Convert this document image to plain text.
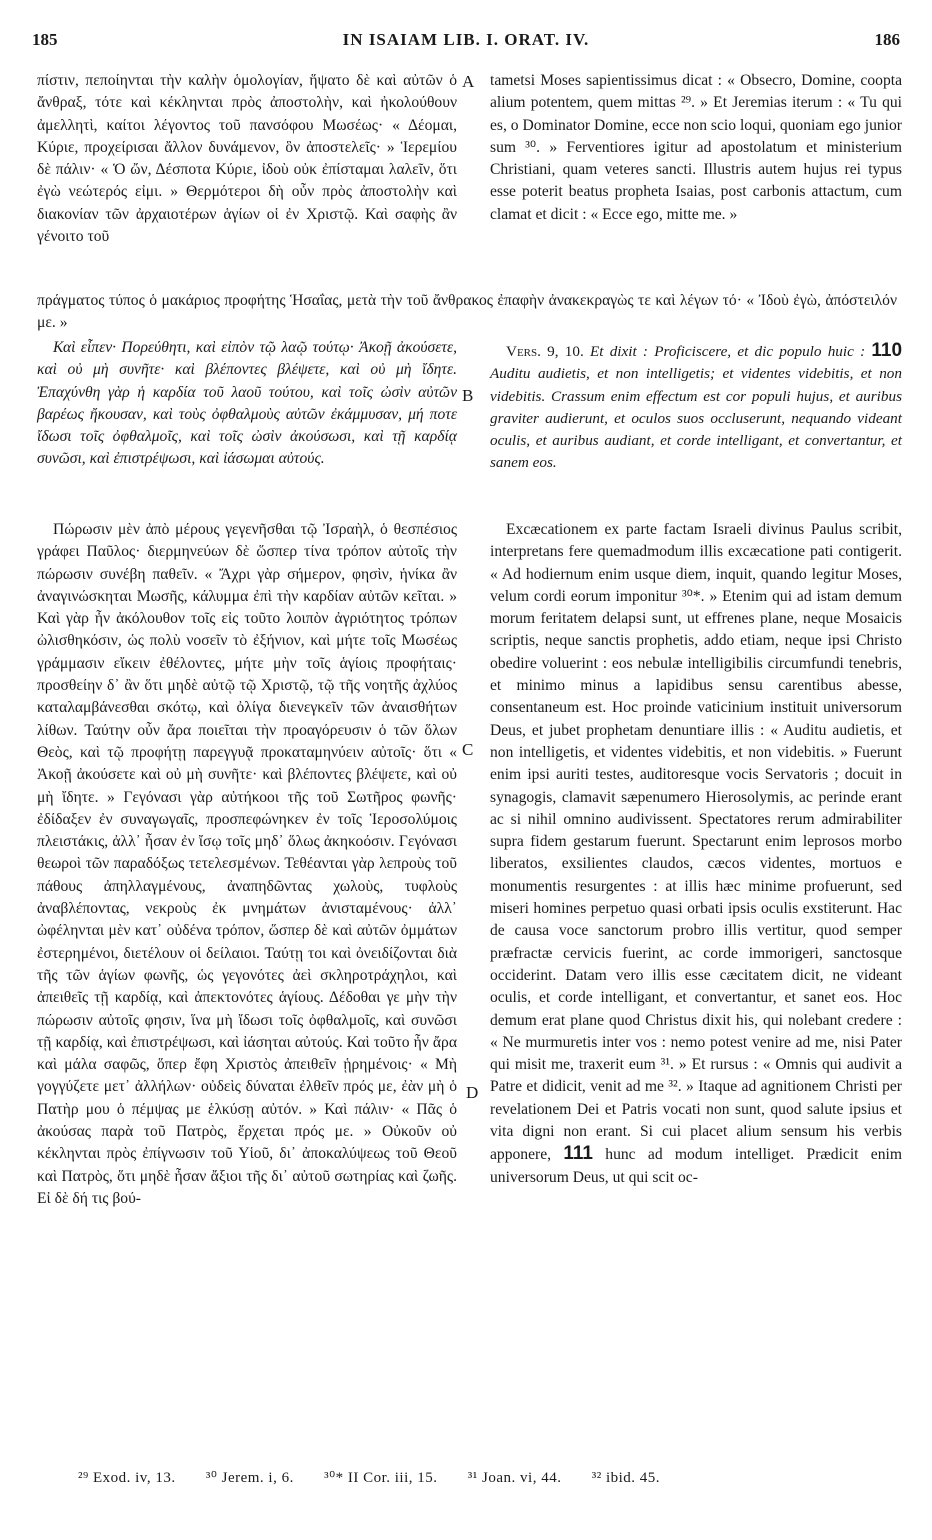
185	IN ISAIAM LIB. I. ORAT. IV.	186
A
B
C
D

πίστιν, πεποίηνται τὴν καλὴν ὁμολογίαν, ἥψατο δὲ καὶ αὐτῶν ὁ ἄνθραξ, τότε καὶ κέκληνται πρὸς ἀποστολὴν, καὶ ἠκολούθουν ἀμελλητὶ, καίτοι λέγοντος τοῦ πανσόφου Μωσέως· « Δέομαι, Κύριε, προχείρισαι ἄλλον δυνάμενον, ὃν ἀποστελεῖς· » Ἱερεμίου δὲ πάλιν· « Ὁ ὤν, Δέσποτα Κύριε, ἰδοὺ οὐκ ἐπίσταμαι λαλεῖν, ὅτι ἐγὼ νεώτερός εἰμι. » Θερμότεροι δὴ οὖν πρὸς ἀποστολὴν καὶ διακονίαν τῶν ἀρχαιοτέρων ἁγίων οἱ ἐν Χριστῷ. Καὶ σαφὴς ἂν γένοιτο τοῦ

πράγματος τύπος ὁ μακάριος προφήτης Ἡσαΐας, μετὰ τὴν τοῦ ἄνθρακος ἐπαφὴν ἀνακεκραγὼς τε καὶ λέγων τό· « Ἰδοὺ ἐγὼ, ἀπόστειλόν με. »

Καὶ εἶπεν· Πορεύθητι, καὶ εἰπὸν τῷ λαῷ τούτῳ· Ἀκοῇ ἀκούσετε, καὶ οὐ μὴ συνῆτε· καὶ βλέποντες βλέψετε, καὶ οὐ μὴ ἴδητε. Ἐπαχύνθη γὰρ ἡ καρδία τοῦ λαοῦ τούτου, καὶ τοῖς ὠσὶν αὐτῶν βαρέως ἤκουσαν, καὶ τοὺς ὀφθαλμοὺς αὐτῶν ἐκάμμυσαν, μή ποτε ἴδωσι τοῖς ὀφθαλμοῖς, καὶ τοῖς ὠσὶν ἀκούσωσι, καὶ τῇ καρδίᾳ συνῶσι, καὶ ἐπιστρέψωσι, καὶ ἰάσωμαι αὐτούς.

Πώρωσιν μὲν ἀπὸ μέρους γεγενῆσθαι τῷ Ἰσραὴλ, ὁ θεσπέσιος γράφει Παῦλος· διερμηνεύων δὲ ὥσπερ τίνα τρόπον αὐτοῖς τὴν πώρωσιν συνέβη παθεῖν. « Ἄχρι γὰρ σήμερον, φησὶν, ἡνίκα ἂν ἀναγινώσκηται Μωσῆς, κάλυμμα ἐπὶ τὴν καρδίαν αὐτῶν κεῖται. » Καὶ γὰρ ἦν ἀκόλουθον τοῖς εἰς τοῦτο λοιπὸν ἀγριότητος τρόπων ὠλισθηκόσιν, ὡς πολὺ νοσεῖν τὸ ἐξήνιον, καὶ μήτε τοῖς Μωσέως γράμμασιν εἴκειν ἐθέλοντες, μήτε μὴν τοῖς ἁγίοις προφήταις· προσθείην δ᾽ ἂν ὅτι μηδὲ αὐτῷ τῷ Χριστῷ, τῷ τῆς νοητῆς ἀχλύος καταλαμβάνεσθαι σκότῳ, καὶ ὀλίγα διενεγκεῖν τῶν ἀναισθήτων λίθων. Ταύτην οὖν ἄρα ποιεῖται τὴν προαγόρευσιν ὁ τῶν ὅλων Θεὸς, καὶ τῷ προφήτῃ παρεγγυᾷ προκαταμηνύειν αὐτοῖς· ὅτι « Ἀκοῇ ἀκούσετε καὶ οὐ μὴ συνῆτε· καὶ βλέποντες βλέψετε, καὶ οὐ μὴ ἴδητε. » Γεγόνασι γὰρ αὐτήκοοι τῆς τοῦ Σωτῆρος φωνῆς· ἐδίδαξεν ἐν συναγωγαῖς, προσπεφώνηκεν ἐν τοῖς Ἱεροσολύμοις πλειστάκις, ἀλλ᾽ ἦσαν ἐν ἴσῳ τοῖς μηδ᾽ ὅλως ἀκηκοόσιν. Γεγόνασι θεωροὶ τῶν παραδόξως τετελεσμένων. Τεθέανται γὰρ λεπροὺς τοῦ πάθους ἀπηλλαγμένους, ἀναπηδῶντας χωλοὺς, τυφλοὺς ἀναβλέποντας, νεκροὺς ἐκ μνημάτων ἀνισταμένους· ἀλλ᾽ ὠφέληνται μὲν κατ᾽ οὐδένα τρόπον, ὥσπερ δὲ καὶ αὐτῶν ὀμμάτων ἐστερημένοι, διετέλουν οἱ δείλαιοι. Ταύτῃ τοι καὶ ὀνειδίζονται διὰ τῆς τῶν ἁγίων φωνῆς, ὡς γεγονότες ἀεὶ σκληροτράχηλοι, καὶ ἀπειθεῖς τῇ καρδίᾳ, καὶ ἀπεκτονότες ἁγίους. Δέδοθαι γε μὴν τὴν πώρωσιν αὐτοῖς φησιν, ἵνα μὴ ἴδωσι τοῖς ὀφθαλμοῖς, καὶ συνῶσι τῇ καρδίᾳ, καὶ ἐπιστρέψωσι, καὶ ἰάσηται αὐτούς. Καὶ τοῦτο ἦν ἄρα καὶ μάλα σαφῶς, ὅπερ ἔφη Χριστὸς ἀπειθεῖν ᾑρημένοις· « Μὴ γογγύζετε μετ᾽ ἀλλήλων· οὐδεὶς δύναται ἐλθεῖν πρός με, ἐὰν μὴ ὁ Πατὴρ μου ὁ πέμψας με ἑλκύσῃ αὐτόν. » Καὶ πάλιν· « Πᾶς ὁ ἀκούσας παρὰ τοῦ Πατρὸς, ἔρχεται πρός με. » Οὐκοῦν οὐ κέκληνται πρὸς ἐπίγνωσιν τοῦ Υἱοῦ, δι᾽ ἀποκαλύψεως τοῦ Θεοῦ καὶ Πατρὸς, ὅτι μηδὲ ἦσαν ἄξιοι τῆς δι᾽ αὐτοῦ σωτηρίας καὶ ζωῆς. Εἰ δὲ δή τις βού-

tametsi Moses sapientissimus dicat : « Obsecro, Domine, coopta alium potentem, quem mittas ²⁹. » Et Jeremias iterum : « Tu qui es, o Dominator Domine, ecce non scio loqui, quoniam ego junior sum ³⁰. » Ferventiores igitur ad apostolatum et ministerium Christiani, quam veteres sancti. Illustris autem hujus rei typus esse poterit beatus propheta Isaias, post carbonis attactum, cum clamat et dicit : « Ecce ego, mitte me. »

Vers. 9, 10. Et dixit : Proficiscere, et dic populo huic : 110 Auditu audietis, et non intelligetis; et videntes videbitis, et non videbitis. Crassum enim effectum est cor populi hujus, et auribus graviter audierunt, et oculos suos occluserunt, nequando videant oculis, et auribus audiant, et corde intelligant, et convertantur, et sanem eos.

Excæcationem ex parte factam Israeli divinus Paulus scribit, interpretans fere quemadmodum illis excæcatione pati contigerit. « Ad hodiernum enim usque diem, inquit, quando legitur Moses, velum cordi eorum imponitur ³⁰*. » Etenim qui ad istam demum morum feritatem delapsi sunt, ut effrenes plane, neque Mosaicis scriptis, neque sanctis prophetis, addo etiam, neque ipsi Christo obedire voluerint : eos nebulæ intelligibilis circumfundi tenebris, et minimo minus a lapidibus sensu carentibus abesse, consentaneum est. Hoc proinde vaticinium instituit universorum Deus, et jubet prophetam denuntiare illis : « Auditu audietis, et non intelligetis, et videntes videbitis, et non videbitis. » Fuerunt enim ipsi auriti testes, auditoresque vocis Servatoris ; docuit in synagogis, clamavit sæpenumero Hierosolymis, ac perinde erant ac si nihil omnino audivissent. Spectatores rerum admirabiliter supra fidem gestarum fuerunt. Spectarunt enim leprosos morbo liberatos, exsilientes claudos, cæcos videntes, mortuos e monumentis resurgentes : at illis hæc minime profuerunt, sed miseri homines perpetuo quasi orbati ipsis oculis exstiterunt. Hac de causa voce sanctorum probro illis vertitur, quod semper præfractæ cervicis fuerint, ac corde immorigeri, sanctosque occiderint. Datam vero illis esse cæcitatem dicit, ne videant oculis, et corde intelligant, et convertantur, et sanet eos. Hoc demum erat plane quod Christus dixit his, qui nolebant credere : « Ne murmuretis inter vos : nemo potest venire ad me, nisi Pater qui misit me, traxerit eum ³¹. » Et rursus : « Omnis qui audivit a Patre et didicit, venit ad me ³². » Itaque ad agnitionem Christi per revelationem Dei et Patris vocati non sunt, quod salute ipsius et vita digni non erant. Si cui placet alium sensum his verbis apponere, 111 hunc ad modum intelliget. Prædicit enim universorum Deus, ut qui scit oc-

²⁹ Exod. iv, 13. ³⁰ Jerem. i, 6. ³⁰* II Cor. iii, 15. ³¹ Joan. vi, 44. ³² ibid. 45.
